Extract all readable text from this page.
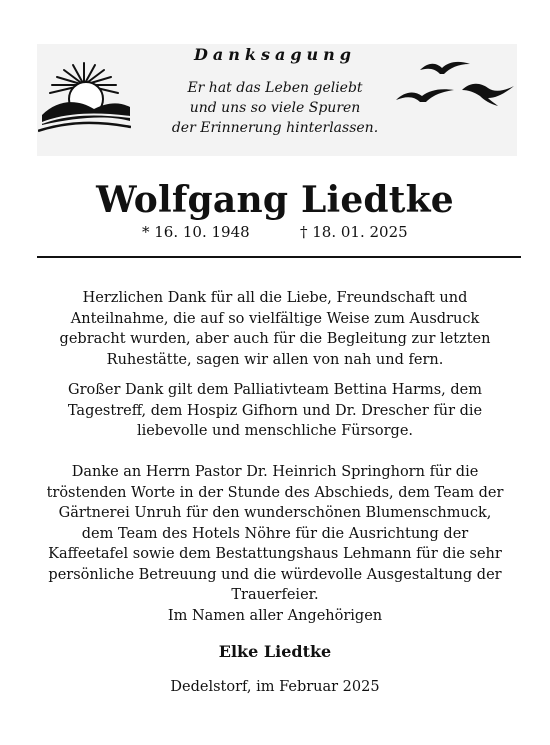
Danksagung
Er hat das Leben geliebt
und uns so viele Spuren
der Erinnerung hinterlassen.
Wolfgang Liedtke
* 16. 10. 1948	† 18. 01. 2025

Herzlichen Dank für all die Liebe, Freundschaft und
Anteilnahme, die auf so vielfältige Weise zum Ausdruck
gebracht wurden, aber auch für die Begleitung zur letzten
Ruhestätte, sagen wir allen von nah und fern.

Großer Dank gilt dem Palliativteam Bettina Harms, dem
Tagestreff, dem Hospiz Gifhorn und Dr. Drescher für die
liebevolle und menschliche Fürsorge.

Danke an Herrn Pastor Dr. Heinrich Springhorn für die
tröstenden Worte in der Stunde des Abschieds, dem Team der
Gärtnerei Unruh für den wunderschönen Blumenschmuck,
dem Team des Hotels Nöhre für die Ausrichtung der
Kaffeetafel sowie dem Bestattungshaus Lehmann für die sehr
persönliche Betreuung und die würdevolle Ausgestaltung der
Trauerfeier.
Im Namen aller Angehörigen

Elke Liedtke
Dedelstorf, im Februar 2025
